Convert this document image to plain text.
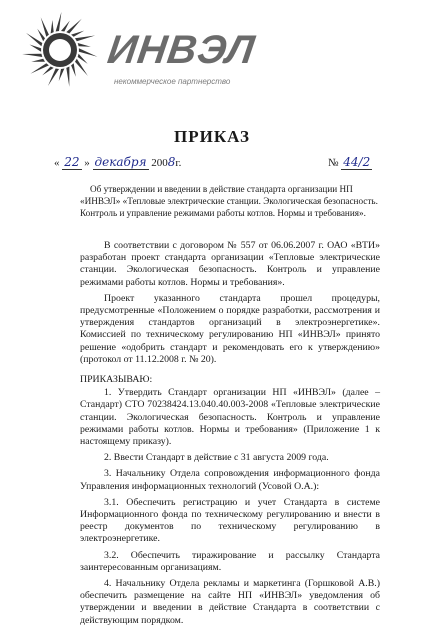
ИНВЭЛ
некоммерческое партнерство
ПРИКАЗ
« 22 » декабря 2008г.	№ 44/2

Об утверждении и введении в действие стандарта организации НП «ИНВЭЛ» «Тепловые электрические станции. Экологическая безопасность. Контроль и управление режимами работы котлов. Нормы и требования».

В соответствии с договором № 557 от 06.06.2007 г. ОАО «ВТИ» разработан проект стандарта организации «Тепловые электрические станции. Экологическая безопасность. Контроль и управление режимами работы котлов. Нормы и требования».

Проект указанного стандарта прошел процедуры, предусмотренные «Положением о порядке разработки, рассмотрения и утверждения стандартов организаций в электроэнергетике». Комиссией по техническому регулированию НП «ИНВЭЛ» принято решение «одобрить стандарт и рекомендовать его к утверждению» (протокол от 11.12.2008 г. № 20).

ПРИКАЗЫВАЮ:

1. Утвердить Стандарт организации НП «ИНВЭЛ» (далее – Стандарт) СТО 70238424.13.040.40.003-2008 «Тепловые электрические станции. Экологическая безопасность. Контроль и управление режимами работы котлов. Нормы и требования» (Приложение 1 к настоящему приказу).

2. Ввести Стандарт в действие с 31 августа 2009 года.

3. Начальнику Отдела сопровождения информационного фонда Управления информационных технологий (Усовой О.А.):

3.1. Обеспечить регистрацию и учет Стандарта в системе Информационного фонда по техническому регулированию и внести в реестр документов по техническому регулированию в электроэнергетике.

3.2. Обеспечить тиражирование и рассылку Стандарта заинтересованным организациям.

4. Начальнику Отдела рекламы и маркетинга (Горшковой А.В.) обеспечить размещение на сайте НП «ИНВЭЛ» уведомления об утверждении и введении в действие Стандарта в соответствии с действующим порядком.
